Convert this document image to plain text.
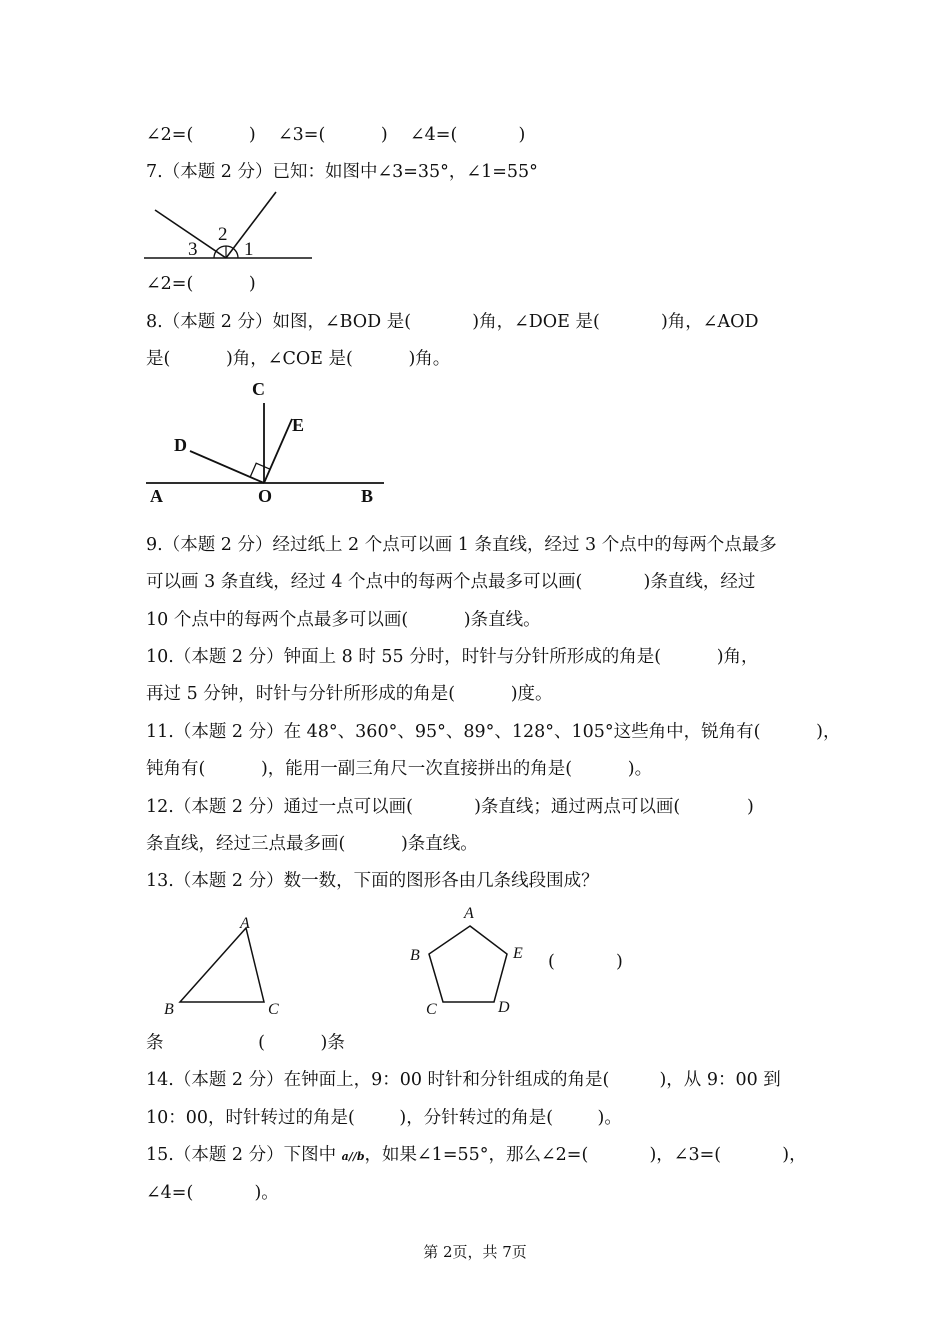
∠2=(          )    ∠3=(          )    ∠4=(           )
7.（本题 2 分）已知：如图中∠3=35°，∠1=55°
3
2
1
∠2=(          )
8.（本题 2 分）如图，∠BOD 是(           )角，∠DOE 是(           )角，∠AOD
是(          )角，∠COE 是(          )角。
C
E
D
A	O	B
9.（本题 2 分）经过纸上 2 个点可以画 1 条直线，经过 3 个点中的每两个点最多
可以画 3 条直线，经过 4 个点中的每两个点最多可以画(           )条直线，经过
10 个点中的每两个点最多可以画(          )条直线。
10.（本题 2 分）钟面上 8 时 55 分时，时针与分针所形成的角是(          )角，
再过 5 分钟，时针与分针所形成的角是(          )度。
11.（本题 2 分）在 48°、360°、95°、89°、128°、105°这些角中，锐角有(          )，
钝角有(          )，能用一副三角尺一次直接拼出的角是(          )。
12.（本题 2 分）通过一点可以画(           )条直线；通过两点可以画(            )
条直线，经过三点最多画(          )条直线。
13.（本题 2 分）数一数，下面的图形各由几条线段围成？
A
B	C
A
B	E
C	D
(           )
条                 (          )条
14.（本题 2 分）在钟面上，9：00 时针和分针组成的角是(         )，从 9：00 到
10：00，时针转过的角是(        )，分针转过的角是(        )。
15.（本题 2 分）下图中 a//b，如果∠1=55°，那么∠2=(           )，∠3=(           )，
∠4=(           )。
第 2页，共 7页
